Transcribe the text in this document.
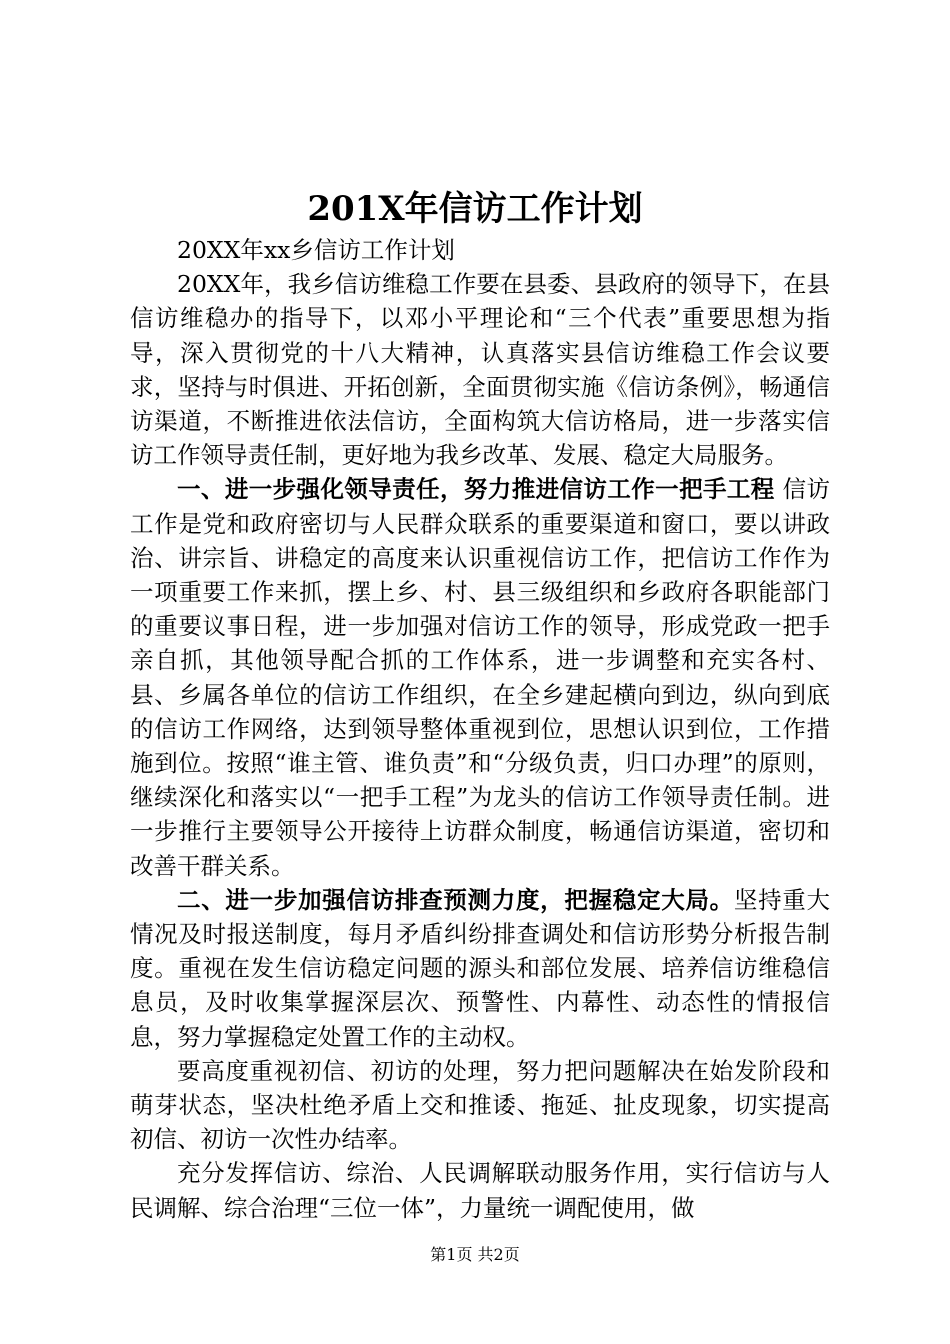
201X年信访工作计划

20XX年xx乡信访工作计划

20XX年，我乡信访维稳工作要在县委、县政府的领导下，在县信访维稳办的指导下，以邓小平理论和“三个代表”重要思想为指导，深入贯彻党的十八大精神，认真落实县信访维稳工作会议要求，坚持与时俱进、开拓创新，全面贯彻实施《信访条例》，畅通信访渠道，不断推进依法信访，全面构筑大信访格局，进一步落实信访工作领导责任制，更好地为我乡改革、发展、稳定大局服务。

一、进一步强化领导责任，努力推进信访工作一把手工程 信访工作是党和政府密切与人民群众联系的重要渠道和窗口，要以讲政治、讲宗旨、讲稳定的高度来认识重视信访工作，把信访工作作为一项重要工作来抓，摆上乡、村、县三级组织和乡政府各职能部门的重要议事日程，进一步加强对信访工作的领导，形成党政一把手亲自抓，其他领导配合抓的工作体系，进一步调整和充实各村、县、乡属各单位的信访工作组织，在全乡建起横向到边，纵向到底的信访工作网络，达到领导整体重视到位，思想认识到位，工作措施到位。按照“谁主管、谁负责”和“分级负责，归口办理”的原则，继续深化和落实以“一把手工程”为龙头的信访工作领导责任制。进一步推行主要领导公开接待上访群众制度，畅通信访渠道，密切和改善干群关系。

二、进一步加强信访排查预测力度，把握稳定大局。坚持重大情况及时报送制度，每月矛盾纠纷排查调处和信访形势分析报告制度。重视在发生信访稳定问题的源头和部位发展、培养信访维稳信息员，及时收集掌握深层次、预警性、内幕性、动态性的情报信息，努力掌握稳定处置工作的主动权。

要高度重视初信、初访的处理，努力把问题解决在始发阶段和萌芽状态，坚决杜绝矛盾上交和推诿、拖延、扯皮现象，切实提高初信、初访一次性办结率。

充分发挥信访、综治、人民调解联动服务作用，实行信访与人民调解、综合治理“三位一体”，力量统一调配使用，做

第1页 共2页
